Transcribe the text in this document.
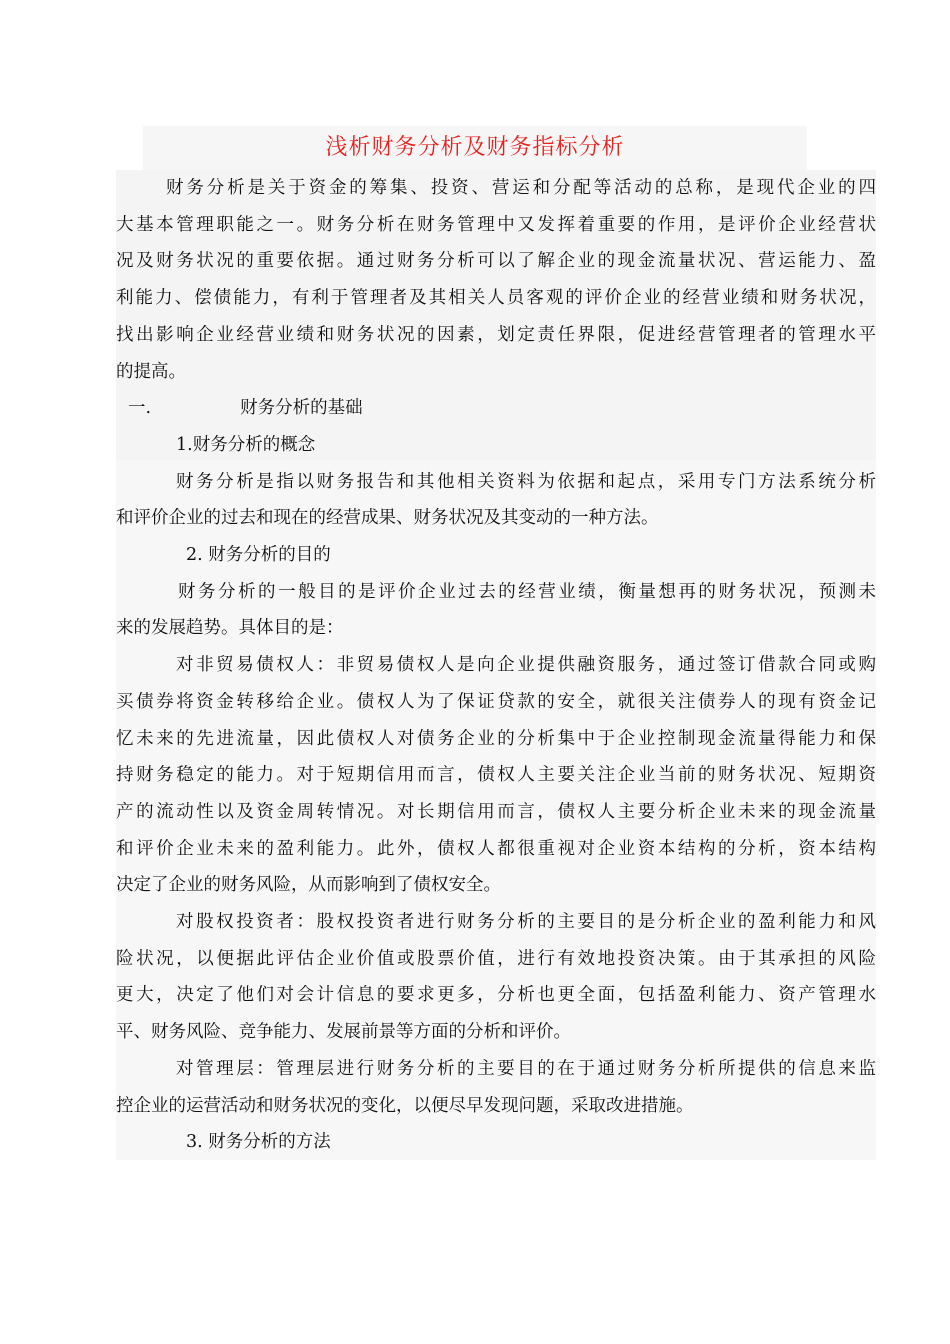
浅析财务分析及财务指标分析
财务分析是关于资金的筹集、投资、营运和分配等活动的总称，是现代企业的四
大基本管理职能之一。财务分析在财务管理中又发挥着重要的作用，是评价企业经营状
况及财务状况的重要依据。通过财务分析可以了解企业的现金流量状况、营运能力、盈
利能力、偿债能力，有利于管理者及其相关人员客观的评价企业的经营业绩和财务状况，
找出影响企业经营业绩和财务状况的因素，划定责任界限，促进经营管理者的管理水平
的提高。
一.                财务分析的基础
1.财务分析的概念
财务分析是指以财务报告和其他相关资料为依据和起点，采用专门方法系统分析
和评价企业的过去和现在的经营成果、财务状况及其变动的一种方法。
2. 财务分析的目的
财务分析的一般目的是评价企业过去的经营业绩，衡量想再的财务状况，预测未
来的发展趋势。具体目的是：
对非贸易债权人：非贸易债权人是向企业提供融资服务，通过签订借款合同或购
买债券将资金转移给企业。债权人为了保证贷款的安全，就很关注债券人的现有资金记
忆未来的先进流量，因此债权人对债务企业的分析集中于企业控制现金流量得能力和保
持财务稳定的能力。对于短期信用而言，债权人主要关注企业当前的财务状况、短期资
产的流动性以及资金周转情况。对长期信用而言，债权人主要分析企业未来的现金流量
和评价企业未来的盈利能力。此外，债权人都很重视对企业资本结构的分析，资本结构
决定了企业的财务风险，从而影响到了债权安全。
对股权投资者：股权投资者进行财务分析的主要目的是分析企业的盈利能力和风
险状况，以便据此评估企业价值或股票价值，进行有效地投资决策。由于其承担的风险
更大，决定了他们对会计信息的要求更多，分析也更全面，包括盈利能力、资产管理水
平、财务风险、竞争能力、发展前景等方面的分析和评价。
对管理层：管理层进行财务分析的主要目的在于通过财务分析所提供的信息来监
控企业的运营活动和财务状况的变化，以便尽早发现问题，采取改进措施。
3. 财务分析的方法
